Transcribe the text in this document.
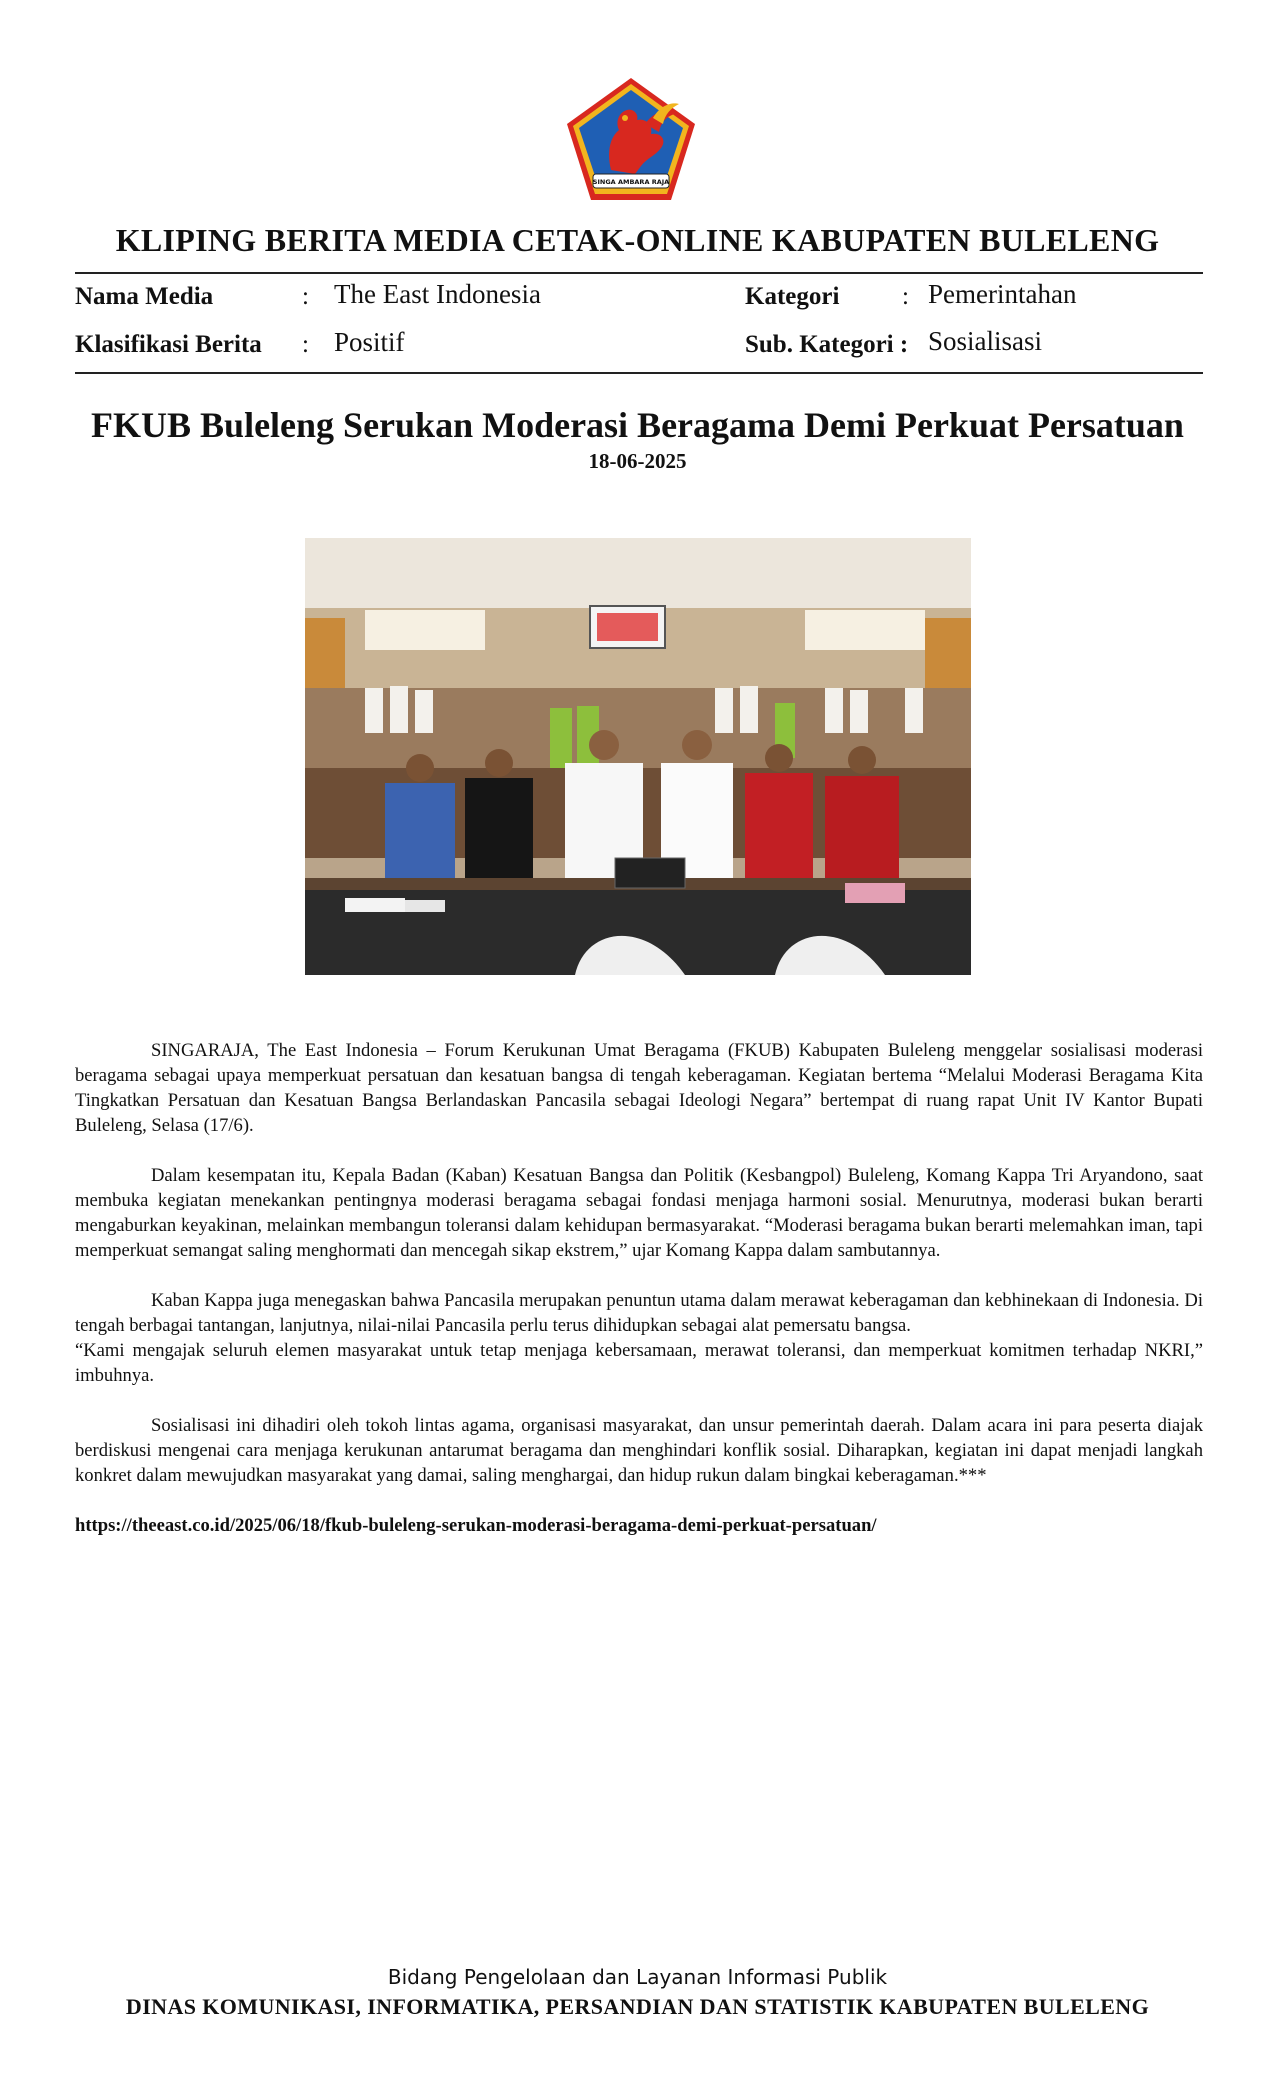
SINGA AMBARA RAJA
KLIPING BERITA MEDIA CETAK-ONLINE KABUPATEN BULELENG
Nama Media	: The East Indonesia
Klasifikasi Berita : Positif
Kategori	: Pemerintahan
Sub. Kategori : Sosialisasi
FKUB Buleleng Serukan Moderasi Beragama Demi Perkuat Persatuan
18-06-2025

SINGARAJA, The East Indonesia – Forum Kerukunan Umat Beragama (FKUB) Kabupaten Buleleng menggelar sosialisasi moderasi beragama sebagai upaya memperkuat persatuan dan kesatuan bangsa di tengah keberagaman. Kegiatan bertema “Melalui Moderasi Beragama Kita Tingkatkan Persatuan dan Kesatuan Bangsa Berlandaskan Pancasila sebagai Ideologi Negara” bertempat di ruang rapat Unit IV Kantor Bupati Buleleng, Selasa (17/6).

Dalam kesempatan itu, Kepala Badan (Kaban) Kesatuan Bangsa dan Politik (Kesbangpol) Buleleng, Komang Kappa Tri Aryandono, saat membuka kegiatan menekankan pentingnya moderasi beragama sebagai fondasi menjaga harmoni sosial. Menurutnya, moderasi bukan berarti mengaburkan keyakinan, melainkan membangun toleransi dalam kehidupan bermasyarakat. “Moderasi beragama bukan berarti melemahkan iman, tapi memperkuat semangat saling menghormati dan mencegah sikap ekstrem,” ujar Komang Kappa dalam sambutannya.

Kaban Kappa juga menegaskan bahwa Pancasila merupakan penuntun utama dalam merawat keberagaman dan kebhinekaan di Indonesia. Di tengah berbagai tantangan, lanjutnya, nilai-nilai Pancasila perlu terus dihidupkan sebagai alat pemersatu bangsa.

“Kami mengajak seluruh elemen masyarakat untuk tetap menjaga kebersamaan, merawat toleransi, dan memperkuat komitmen terhadap NKRI,” imbuhnya.

Sosialisasi ini dihadiri oleh tokoh lintas agama, organisasi masyarakat, dan unsur pemerintah daerah. Dalam acara ini para peserta diajak berdiskusi mengenai cara menjaga kerukunan antarumat beragama dan menghindari konflik sosial. Diharapkan, kegiatan ini dapat menjadi langkah konkret dalam mewujudkan masyarakat yang damai, saling menghargai, dan hidup rukun dalam bingkai keberagaman.***

https://theeast.co.id/2025/06/18/fkub-buleleng-serukan-moderasi-beragama-demi-perkuat-persatuan/
Bidang Pengelolaan dan Layanan Informasi Publik
DINAS KOMUNIKASI, INFORMATIKA, PERSANDIAN DAN STATISTIK KABUPATEN BULELENG
